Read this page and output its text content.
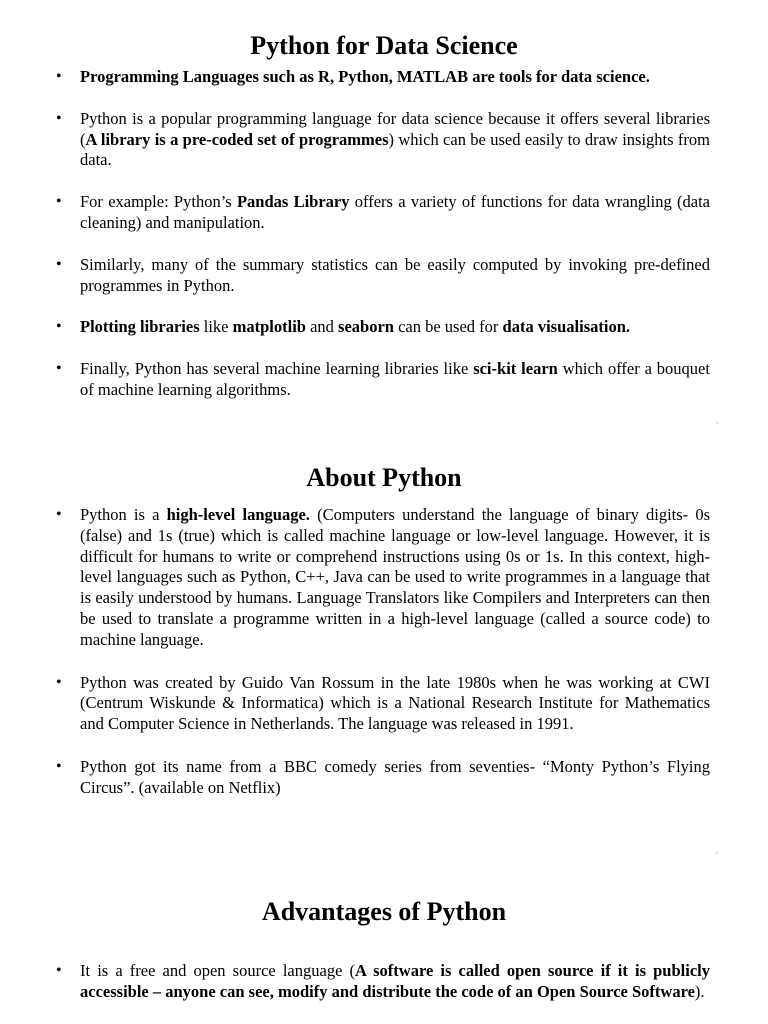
Python for Data Science
• Programming Languages such as R, Python, MATLAB are tools for data science.
• Python is a popular programming language for data science because it offers several libraries (A library is a pre-coded set of programmes) which can be used easily to draw insights from data.
• For example: Python’s Pandas Library offers a variety of functions for data wrangling (data cleaning) and manipulation.
• Similarly, many of the summary statistics can be easily computed by invoking pre-defined programmes in Python.
• Plotting libraries like matplotlib and seaborn can be used for data visualisation.
• Finally, Python has several machine learning libraries like sci-kit learn which offer a bouquet of machine learning algorithms.
1
About Python
• Python is a high-level language. (Computers understand the language of binary digits- 0s (false) and 1s (true) which is called machine language or low-level language. However, it is difficult for humans to write or comprehend instructions using 0s or 1s. In this context, high-level languages such as Python, C++, Java can be used to write programmes in a language that is easily understood by humans. Language Translators like Compilers and Interpreters can then be used to translate a programme written in a high-level language (called a source code) to machine language.
• Python was created by Guido Van Rossum in the late 1980s when he was working at CWI (Centrum Wiskunde & Informatica) which is a National Research Institute for Mathematics and Computer Science in Netherlands. The language was released in 1991.
• Python got its name from a BBC comedy series from seventies- “Monty Python’s Flying Circus”. (available on Netflix)
2
Advantages of Python
• It is a free and open source language (A software is called open source if it is publicly accessible – anyone can see, modify and distribute the code of an Open Source Software).
